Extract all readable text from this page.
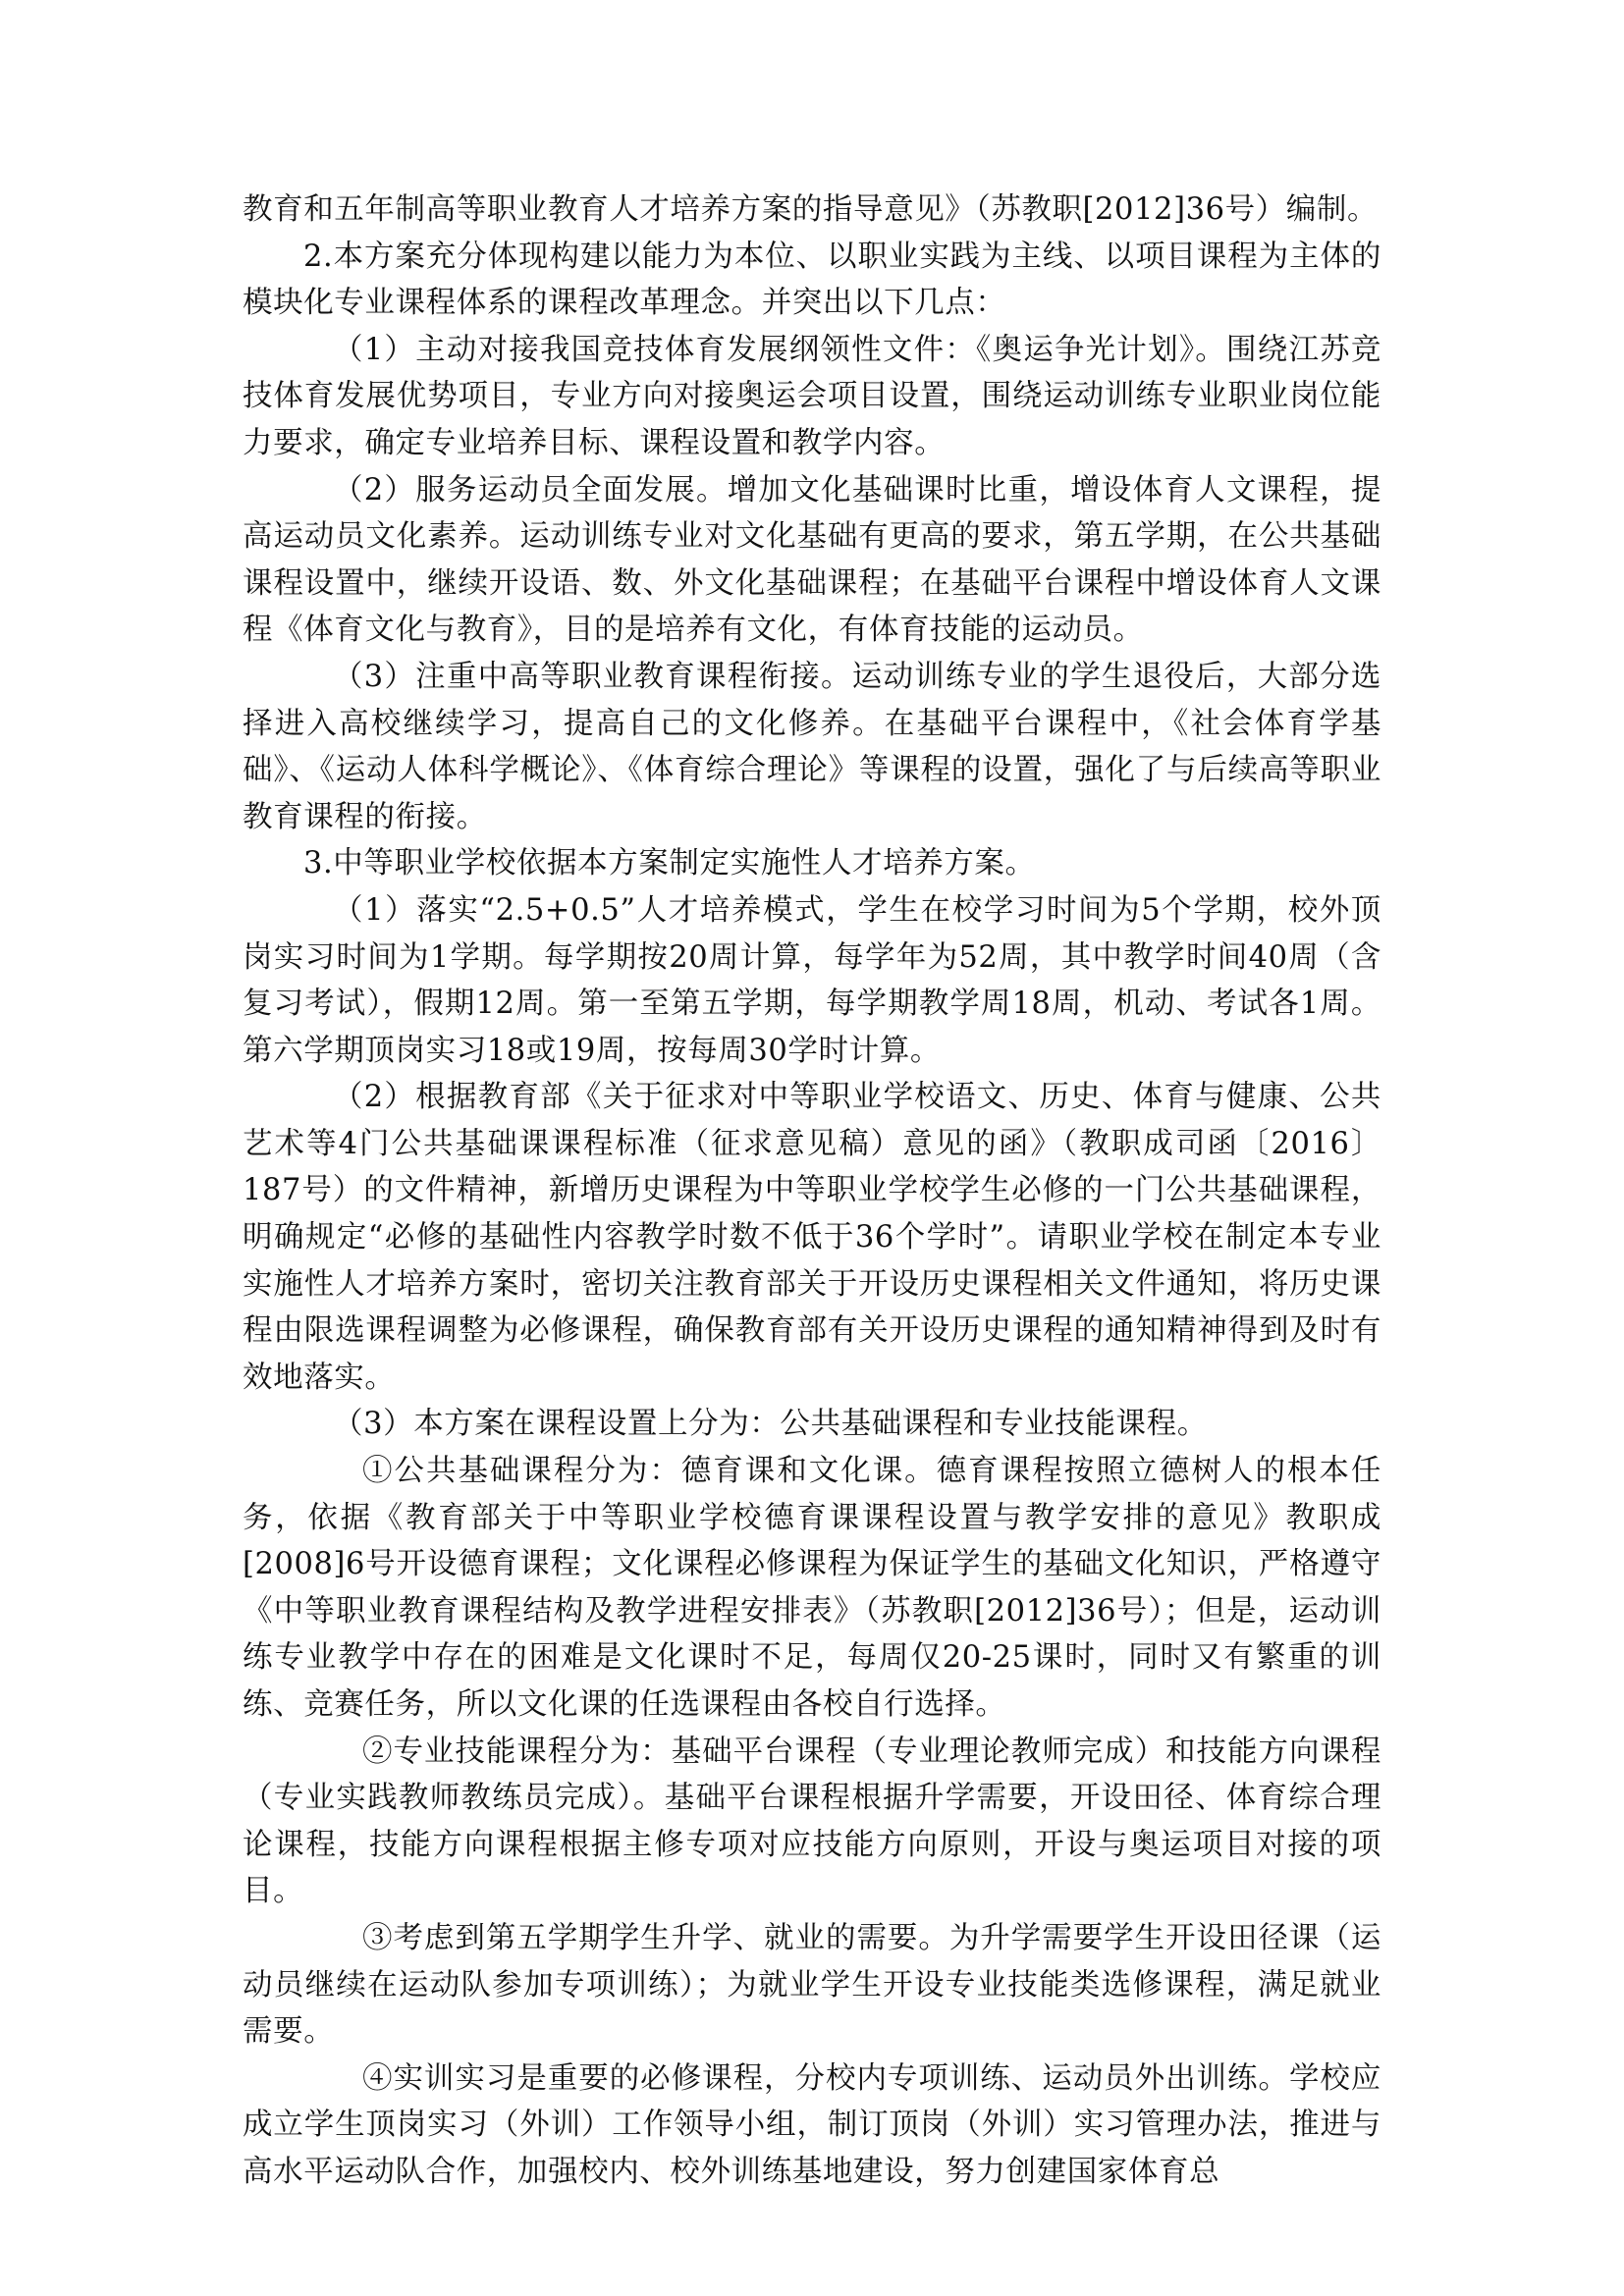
教育和五年制高等职业教育人才培养方案的指导意见》（苏教职[2012]36号）编制。

2.本方案充分体现构建以能力为本位、以职业实践为主线、以项目课程为主体的模块化专业课程体系的课程改革理念。并突出以下几点：

（1）主动对接我国竞技体育发展纲领性文件：《奥运争光计划》。围绕江苏竞技体育发展优势项目，专业方向对接奥运会项目设置，围绕运动训练专业职业岗位能力要求，确定专业培养目标、课程设置和教学内容。

（2）服务运动员全面发展。增加文化基础课时比重，增设体育人文课程，提高运动员文化素养。运动训练专业对文化基础有更高的要求，第五学期，在公共基础课程设置中，继续开设语、数、外文化基础课程；在基础平台课程中增设体育人文课程《体育文化与教育》，目的是培养有文化，有体育技能的运动员。

（3）注重中高等职业教育课程衔接。运动训练专业的学生退役后，大部分选择进入高校继续学习，提高自己的文化修养。在基础平台课程中，《社会体育学基础》、《运动人体科学概论》、《体育综合理论》等课程的设置，强化了与后续高等职业教育课程的衔接。

3.中等职业学校依据本方案制定实施性人才培养方案。

（1）落实“2.5+0.5”人才培养模式，学生在校学习时间为5个学期，校外顶岗实习时间为1学期。每学期按20周计算，每学年为52周，其中教学时间40周（含复习考试），假期12周。第一至第五学期，每学期教学周18周，机动、考试各1周。第六学期顶岗实习18或19周，按每周30学时计算。

（2）根据教育部《关于征求对中等职业学校语文、历史、体育与健康、公共艺术等4门公共基础课课程标准（征求意见稿）意见的函》（教职成司函〔2016〕187号）的文件精神，新增历史课程为中等职业学校学生必修的一门公共基础课程，明确规定“必修的基础性内容教学时数不低于36个学时”。请职业学校在制定本专业实施性人才培养方案时，密切关注教育部关于开设历史课程相关文件通知，将历史课程由限选课程调整为必修课程，确保教育部有关开设历史课程的通知精神得到及时有效地落实。

（3）本方案在课程设置上分为：公共基础课程和专业技能课程。

①公共基础课程分为：德育课和文化课。德育课程按照立德树人的根本任务，依据《教育部关于中等职业学校德育课课程设置与教学安排的意见》教职成[2008]6号开设德育课程；文化课程必修课程为保证学生的基础文化知识，严格遵守《中等职业教育课程结构及教学进程安排表》（苏教职[2012]36号）；但是，运动训练专业教学中存在的困难是文化课时不足，每周仅20-25课时，同时又有繁重的训练、竞赛任务，所以文化课的任选课程由各校自行选择。

②专业技能课程分为：基础平台课程（专业理论教师完成）和技能方向课程（专业实践教师教练员完成）。基础平台课程根据升学需要，开设田径、体育综合理论课程，技能方向课程根据主修专项对应技能方向原则，开设与奥运项目对接的项目。

③考虑到第五学期学生升学、就业的需要。为升学需要学生开设田径课（运动员继续在运动队参加专项训练）；为就业学生开设专业技能类选修课程，满足就业需要。

④实训实习是重要的必修课程，分校内专项训练、运动员外出训练。学校应成立学生顶岗实习（外训）工作领导小组，制订顶岗（外训）实习管理办法，推进与高水平运动队合作，加强校内、校外训练基地建设，努力创建国家体育总
